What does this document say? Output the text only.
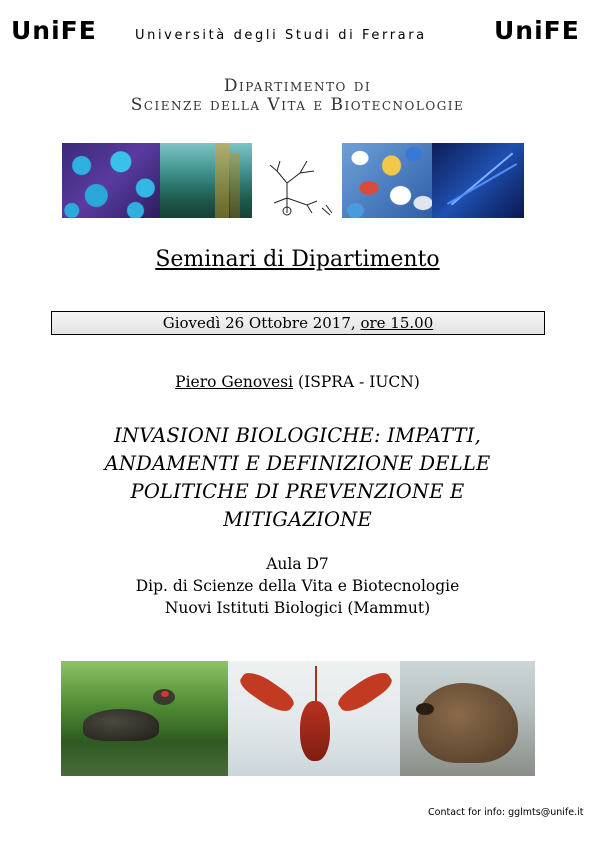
UniFE	Università degli Studi di Ferrara	UniFE
Dipartimento di
Scienze della Vita e Biotecnologie
Seminari di Dipartimento
Giovedì 26 Ottobre 2017, ore 15.00
Piero Genovesi (ISPRA - IUCN)
INVASIONI BIOLOGICHE: IMPATTI, ANDAMENTI E DEFINIZIONE DELLE POLITICHE DI PREVENZIONE E MITIGAZIONE
Aula D7
Dip. di Scienze della Vita e Biotecnologie
Nuovi Istituti Biologici (Mammut)
Contact for info: gglmts@unife.it
